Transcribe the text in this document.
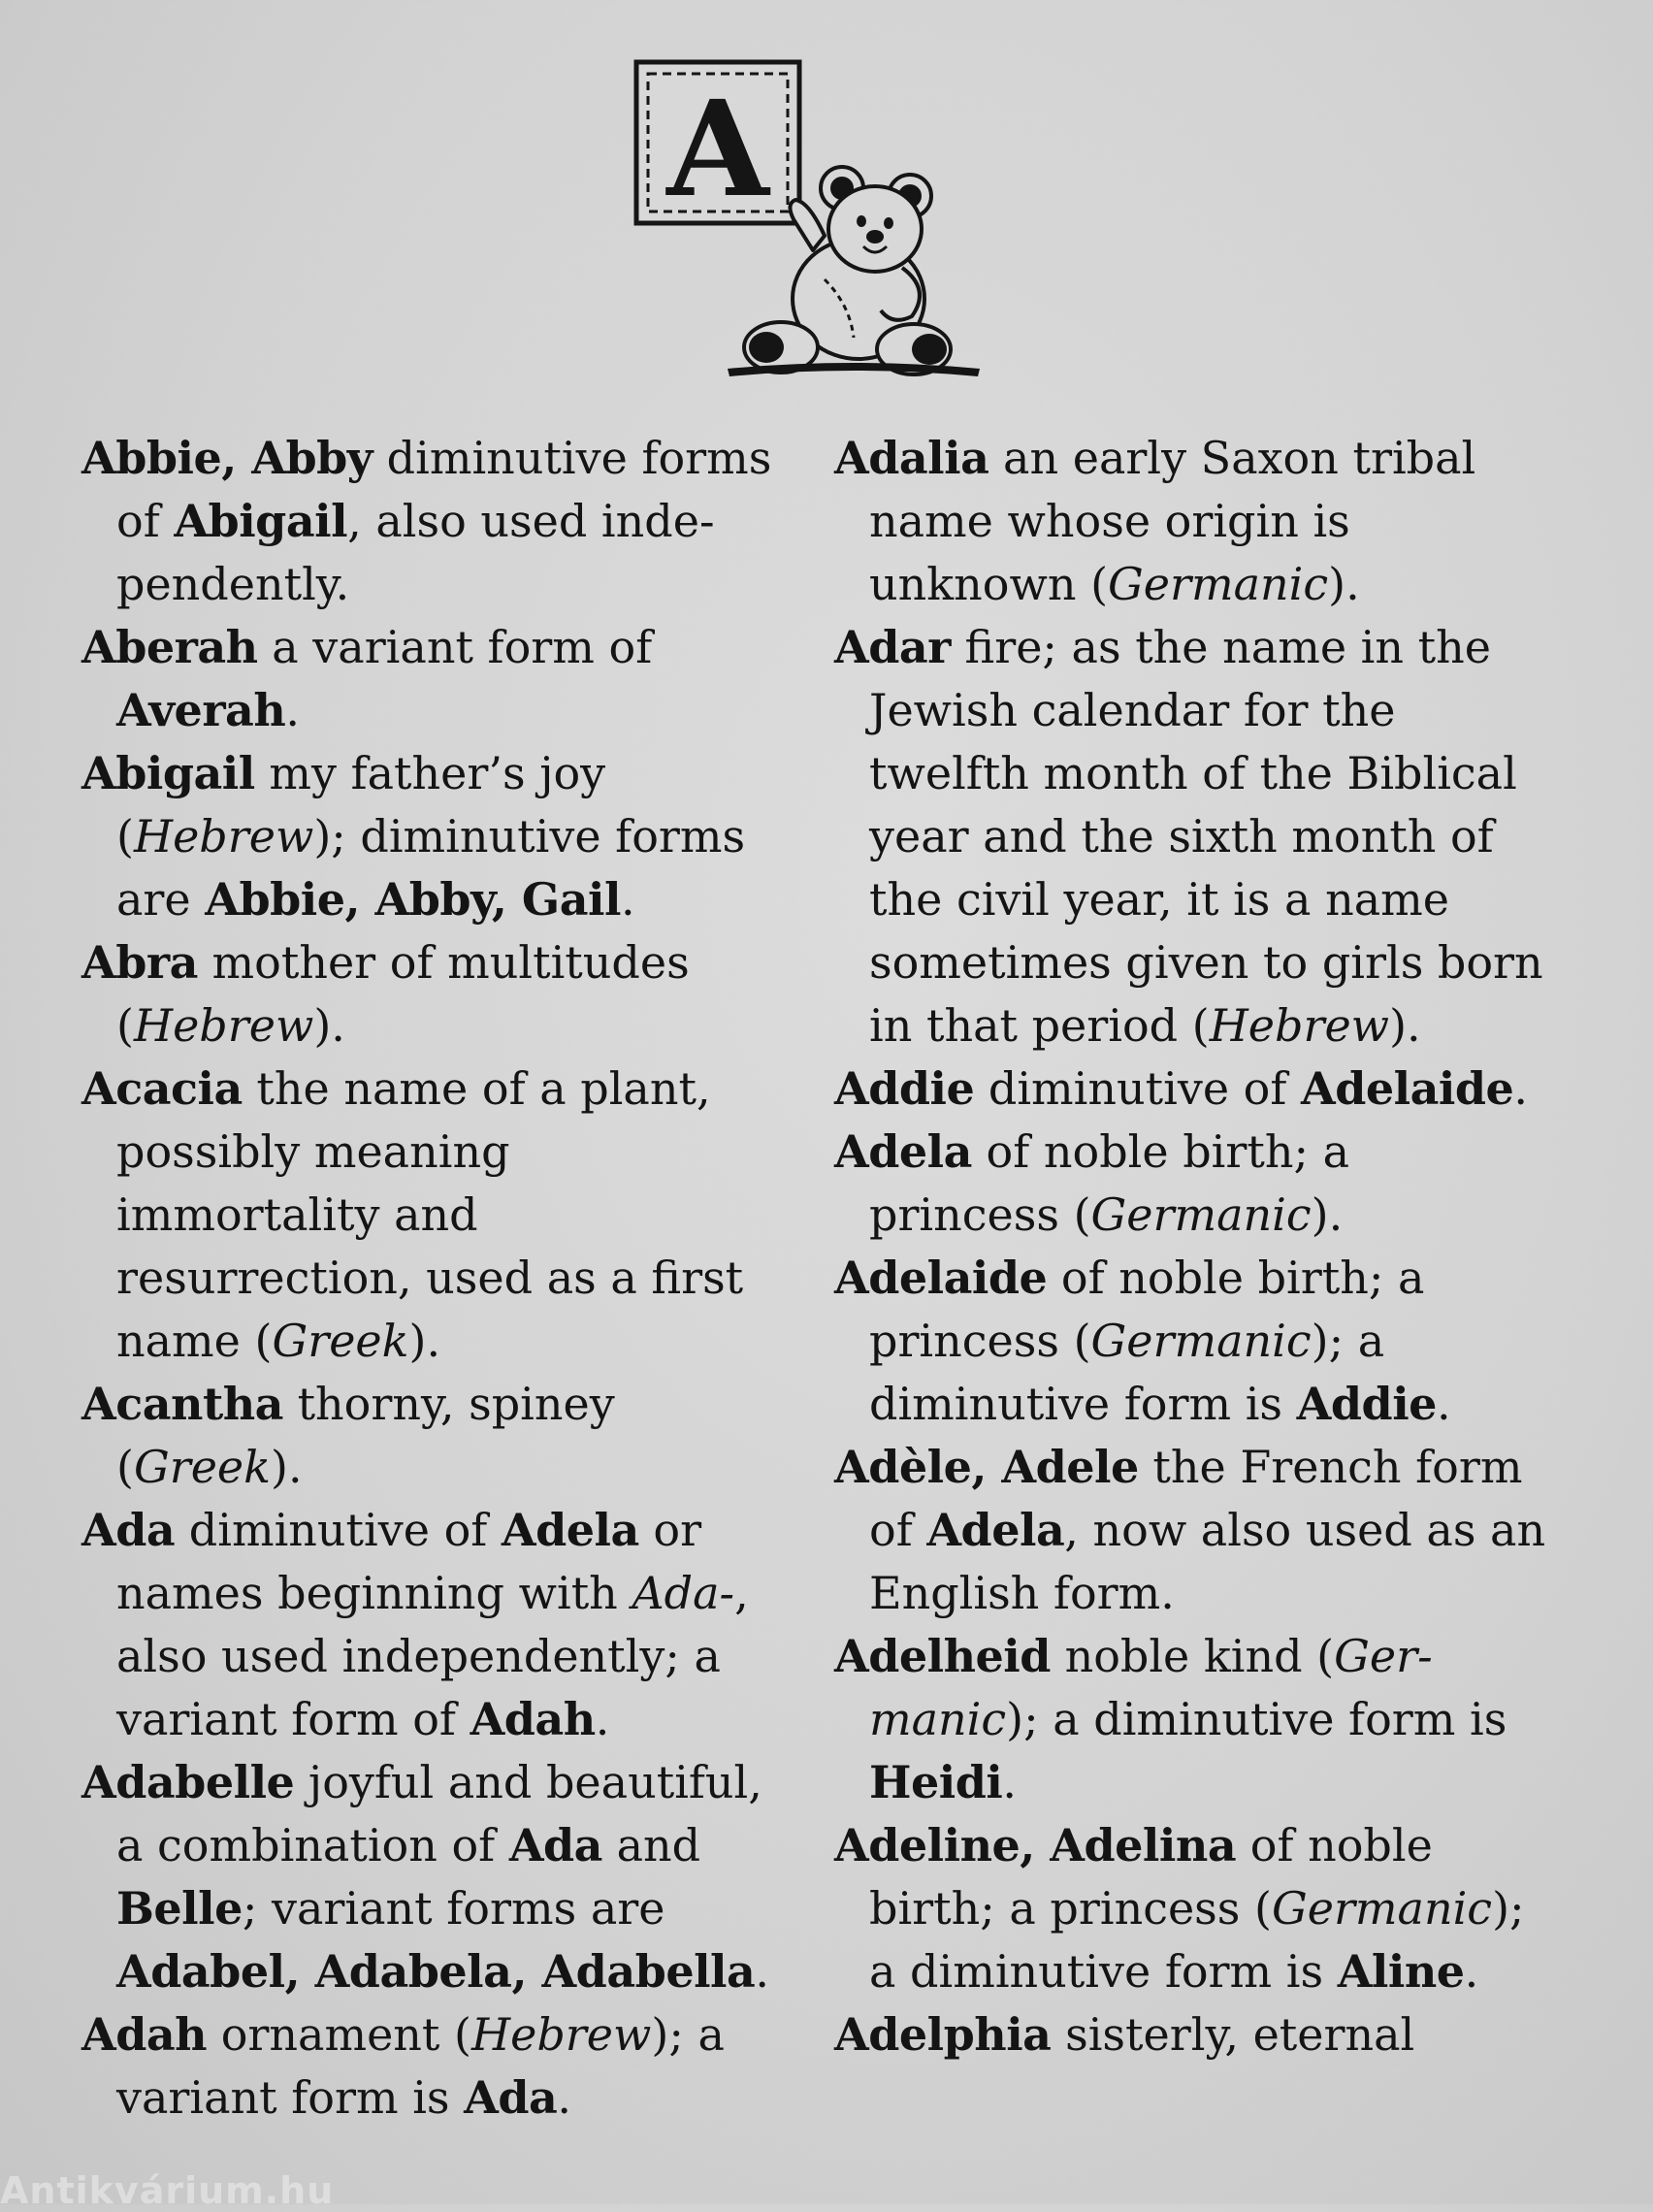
A

Abbie, Abby diminutive forms of Abigail, also used independently.

Aberah a variant form of Averah.

Abigail my father’s joy (Hebrew); diminutive forms are Abbie, Abby, Gail.

Abra mother of multitudes (Hebrew).

Acacia the name of a plant, possibly meaning immortality and resurrection, used as a first name (Greek).

Acantha thorny, spiney (Greek).

Ada diminutive of Adela or names beginning with Ada-, also used independently; a variant form of Adah.

Adabelle joyful and beautiful, a combination of Ada and Belle; variant forms are Adabel, Adabela, Adabella.

Adah ornament (Hebrew); a variant form is Ada.

Adalia an early Saxon tribal name whose origin is unknown (Germanic).

Adar fire; as the name in the Jewish calendar for the twelfth month of the Biblical year and the sixth month of the civil year, it is a name sometimes given to girls born in that period (Hebrew).

Addie diminutive of Adelaide.

Adela of noble birth; a princess (Germanic).

Adelaide of noble birth; a princess (Germanic); a diminutive form is Addie.

Adèle, Adele the French form of Adela, now also used as an English form.

Adelheid noble kind (Germanic); a diminutive form is Heidi.

Adeline, Adelina of noble birth; a princess (Germanic); a diminutive form is Aline.

Adelphia sisterly, eternal

Antikvárium.hu
